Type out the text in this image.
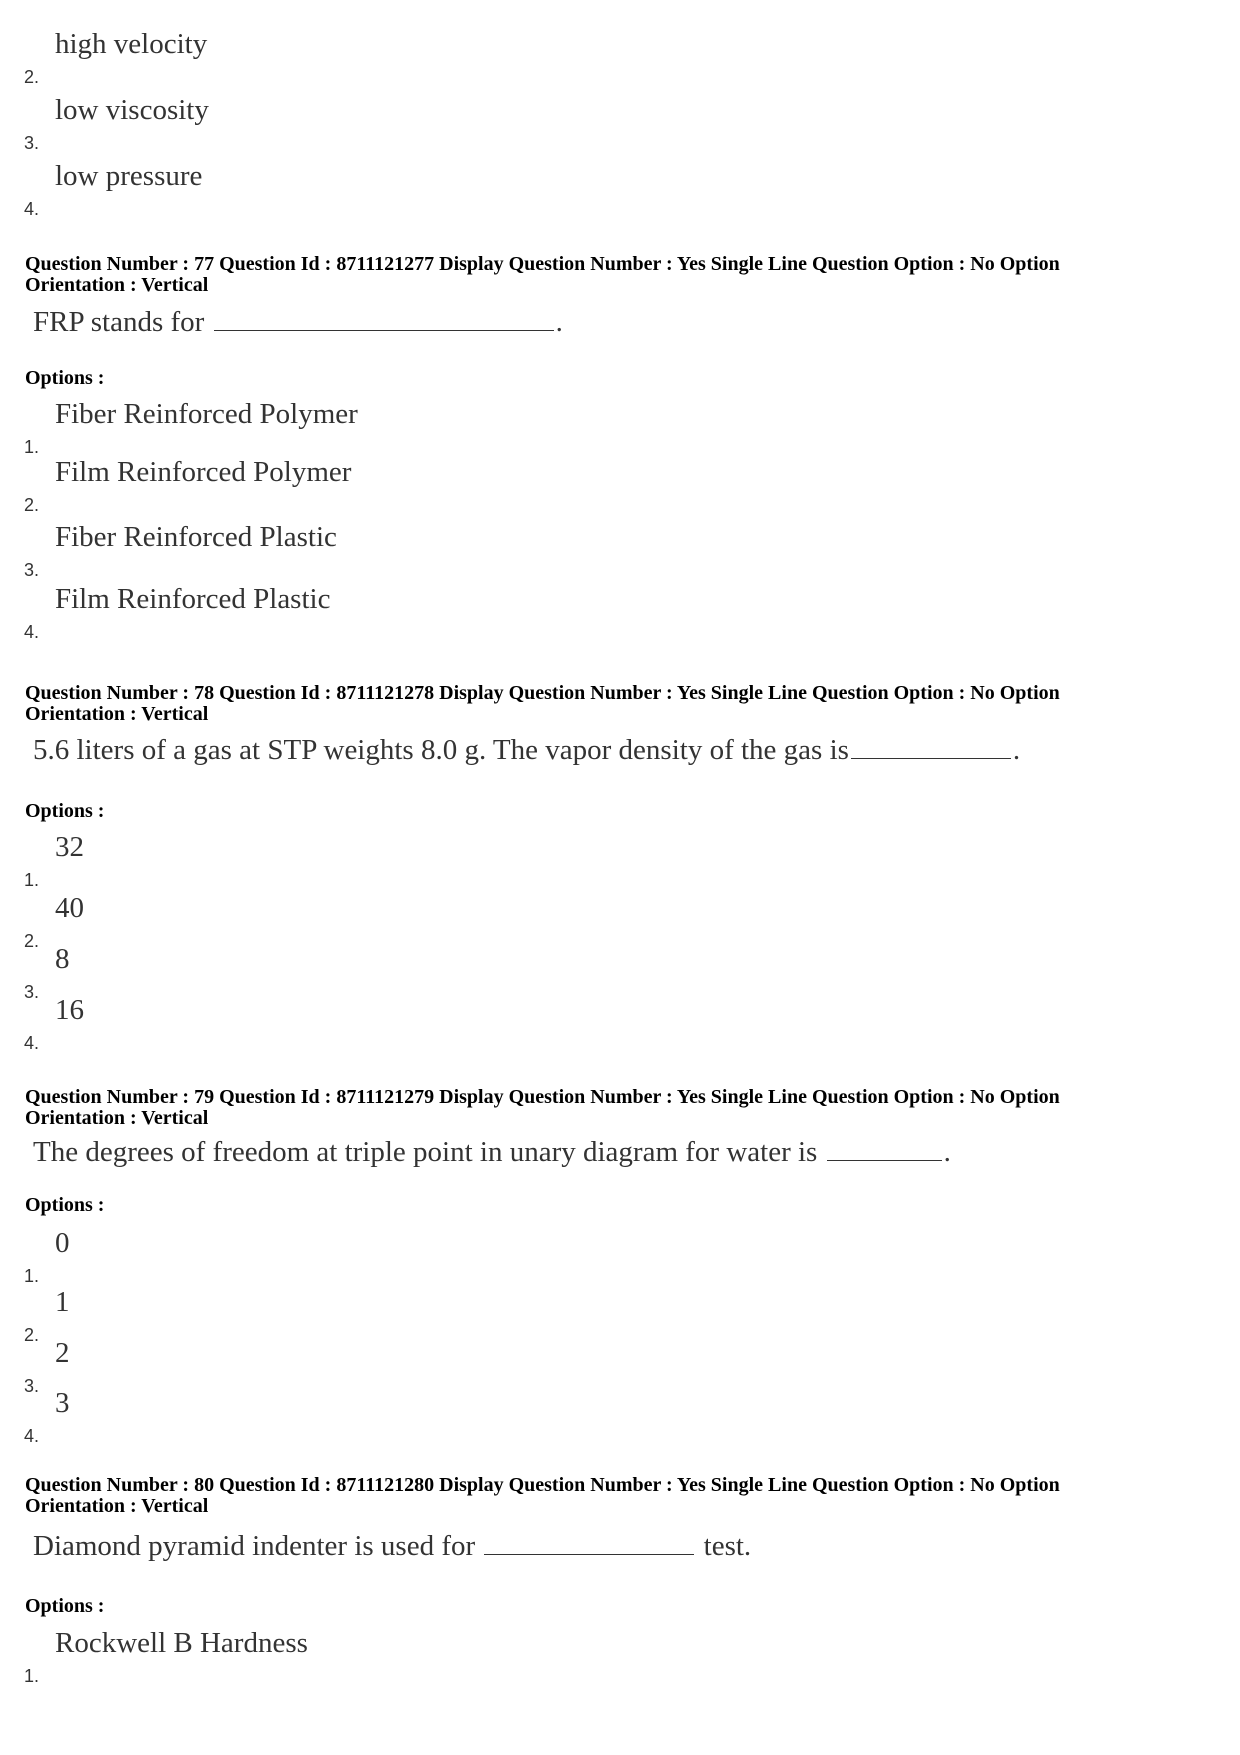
2.
high velocity
3.
low viscosity
4.
low pressure
Question Number : 77 Question Id : 8711121277 Display Question Number : Yes Single Line Question Option : No Option
Orientation : Vertical
FRP stands for	.
Options :
1.
Fiber Reinforced Polymer
2.
Film Reinforced Polymer
3.
Fiber Reinforced Plastic
4.
Film Reinforced Plastic
Question Number : 78 Question Id : 8711121278 Display Question Number : Yes Single Line Question Option : No Option
Orientation : Vertical
5.6 liters of a gas at STP weights 8.0 g. The vapor density of the gas is	.
Options :
1.
32
2.
40
3.
8
4.
16
Question Number : 79 Question Id : 8711121279 Display Question Number : Yes Single Line Question Option : No Option
Orientation : Vertical
The degrees of freedom at triple point in unary diagram for water is	.
Options :
1.
0
2.
1
3.
2
4.
3
Question Number : 80 Question Id : 8711121280 Display Question Number : Yes Single Line Question Option : No Option
Orientation : Vertical
Diamond pyramid indenter is used for	test.
Options :
1.
Rockwell B Hardness
